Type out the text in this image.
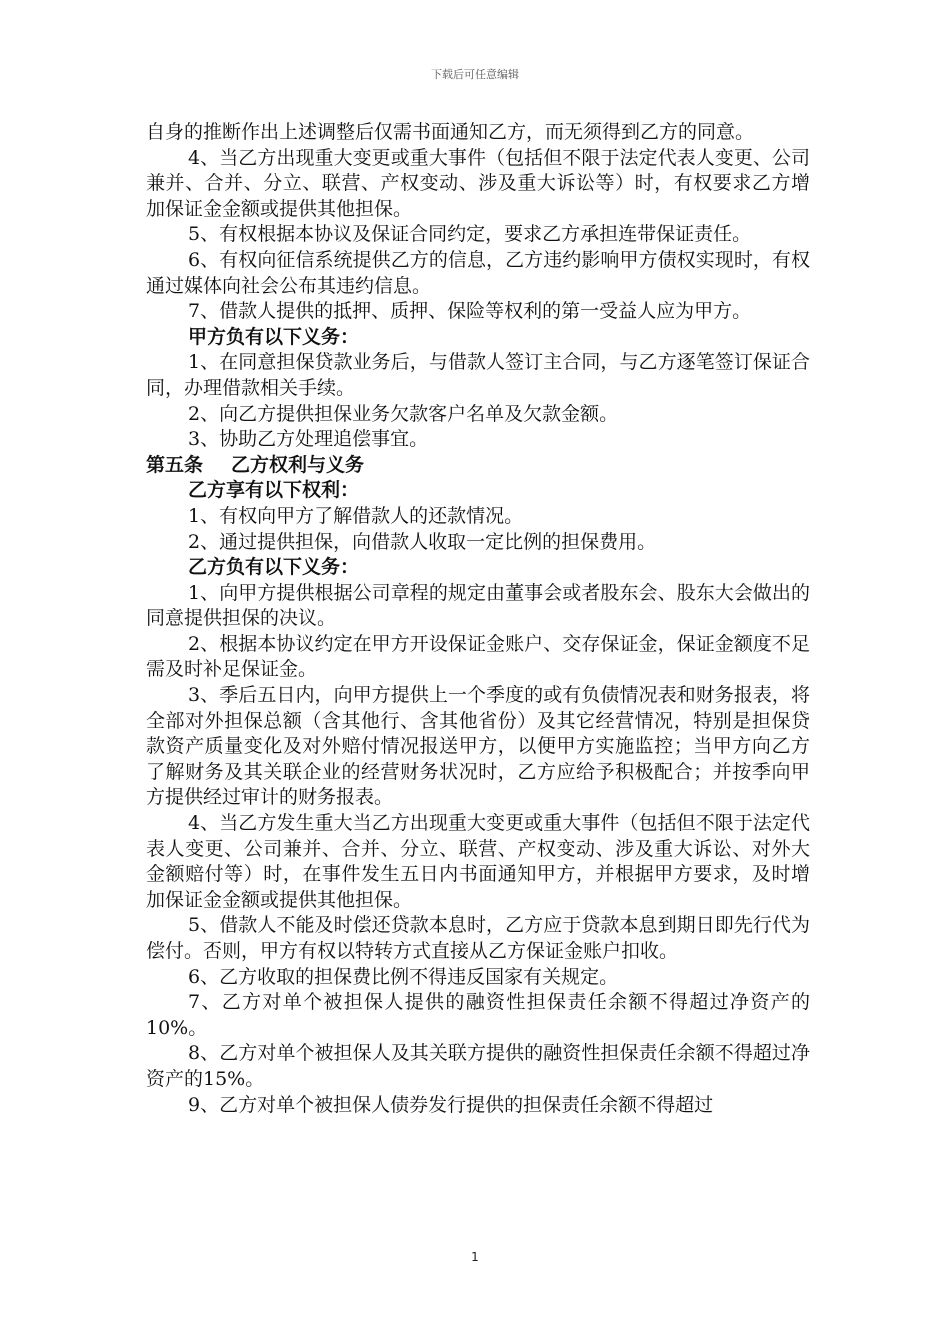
下载后可任意编辑

自身的推断作出上述调整后仅需书面通知乙方，而无须得到乙方的同意。

4、当乙方出现重大变更或重大事件（包括但不限于法定代表人变更、公司兼并、合并、分立、联营、产权变动、涉及重大诉讼等）时，有权要求乙方增加保证金金额或提供其他担保。

5、有权根据本协议及保证合同约定，要求乙方承担连带保证责任。

6、有权向征信系统提供乙方的信息，乙方违约影响甲方债权实现时，有权通过媒体向社会公布其违约信息。

7、借款人提供的抵押、质押、保险等权利的第一受益人应为甲方。

甲方负有以下义务：

1、在同意担保贷款业务后，与借款人签订主合同，与乙方逐笔签订保证合同，办理借款相关手续。

2、向乙方提供担保业务欠款客户名单及欠款金额。

3、协助乙方处理追偿事宜。

第五条 乙方权利与义务

乙方享有以下权利：

1、有权向甲方了解借款人的还款情况。

2、通过提供担保，向借款人收取一定比例的担保费用。

乙方负有以下义务：

1、向甲方提供根据公司章程的规定由董事会或者股东会、股东大会做出的同意提供担保的决议。

2、根据本协议约定在甲方开设保证金账户、交存保证金，保证金额度不足需及时补足保证金。

3、季后五日内，向甲方提供上一个季度的或有负债情况表和财务报表，将全部对外担保总额（含其他行、含其他省份）及其它经营情况，特别是担保贷款资产质量变化及对外赔付情况报送甲方，以便甲方实施监控；当甲方向乙方了解财务及其关联企业的经营财务状况时，乙方应给予积极配合；并按季向甲方提供经过审计的财务报表。

4、当乙方发生重大当乙方出现重大变更或重大事件（包括但不限于法定代表人变更、公司兼并、合并、分立、联营、产权变动、涉及重大诉讼、对外大金额赔付等）时，在事件发生五日内书面通知甲方，并根据甲方要求，及时增加保证金金额或提供其他担保。

5、借款人不能及时偿还贷款本息时，乙方应于贷款本息到期日即先行代为偿付。否则，甲方有权以特转方式直接从乙方保证金账户扣收。

6、乙方收取的担保费比例不得违反国家有关规定。

7、乙方对单个被担保人提供的融资性担保责任余额不得超过净资产的10%。

8、乙方对单个被担保人及其关联方提供的融资性担保责任余额不得超过净资产的15%。

9、乙方对单个被担保人债券发行提供的担保责任余额不得超过

1
